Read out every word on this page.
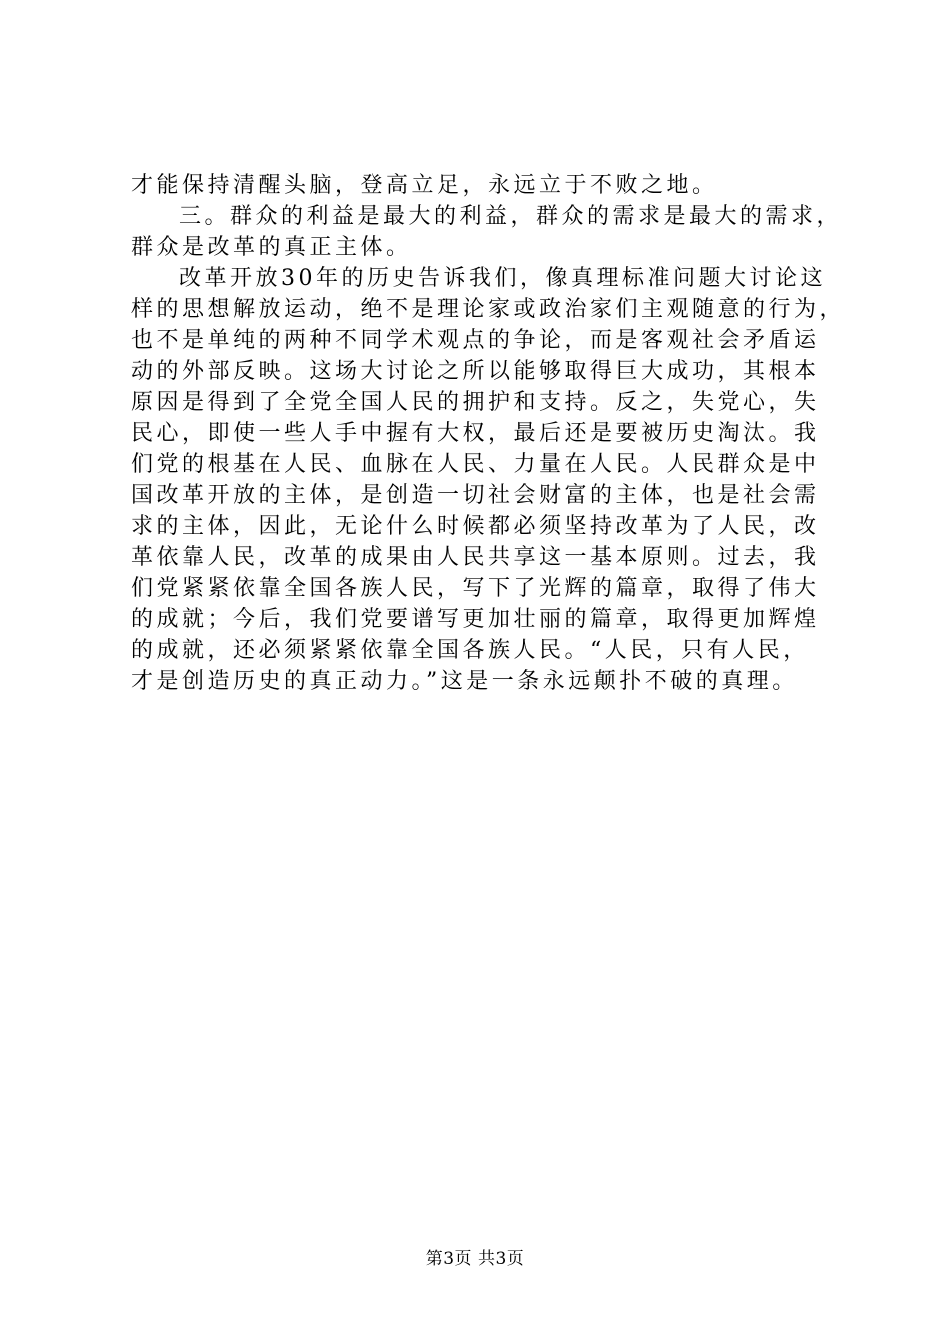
才能保持清醒头脑，登高立足，永远立于不败之地。
三。群众的利益是最大的利益，群众的需求是最大的需求，
群众是改革的真正主体。
改革开放30年的历史告诉我们，像真理标准问题大讨论这
样的思想解放运动，绝不是理论家或政治家们主观随意的行为，
也不是单纯的两种不同学术观点的争论，而是客观社会矛盾运
动的外部反映。这场大讨论之所以能够取得巨大成功，其根本
原因是得到了全党全国人民的拥护和支持。反之，失党心，失
民心，即使一些人手中握有大权，最后还是要被历史淘汰。我
们党的根基在人民、血脉在人民、力量在人民。人民群众是中
国改革开放的主体，是创造一切社会财富的主体，也是社会需
求的主体，因此，无论什么时候都必须坚持改革为了人民，改
革依靠人民，改革的成果由人民共享这一基本原则。过去，我
们党紧紧依靠全国各族人民，写下了光辉的篇章，取得了伟大
的成就；今后，我们党要谱写更加壮丽的篇章，取得更加辉煌
的成就，还必须紧紧依靠全国各族人民。“人民，只有人民，
才是创造历史的真正动力。”这是一条永远颠扑不破的真理。
第3页 共3页
